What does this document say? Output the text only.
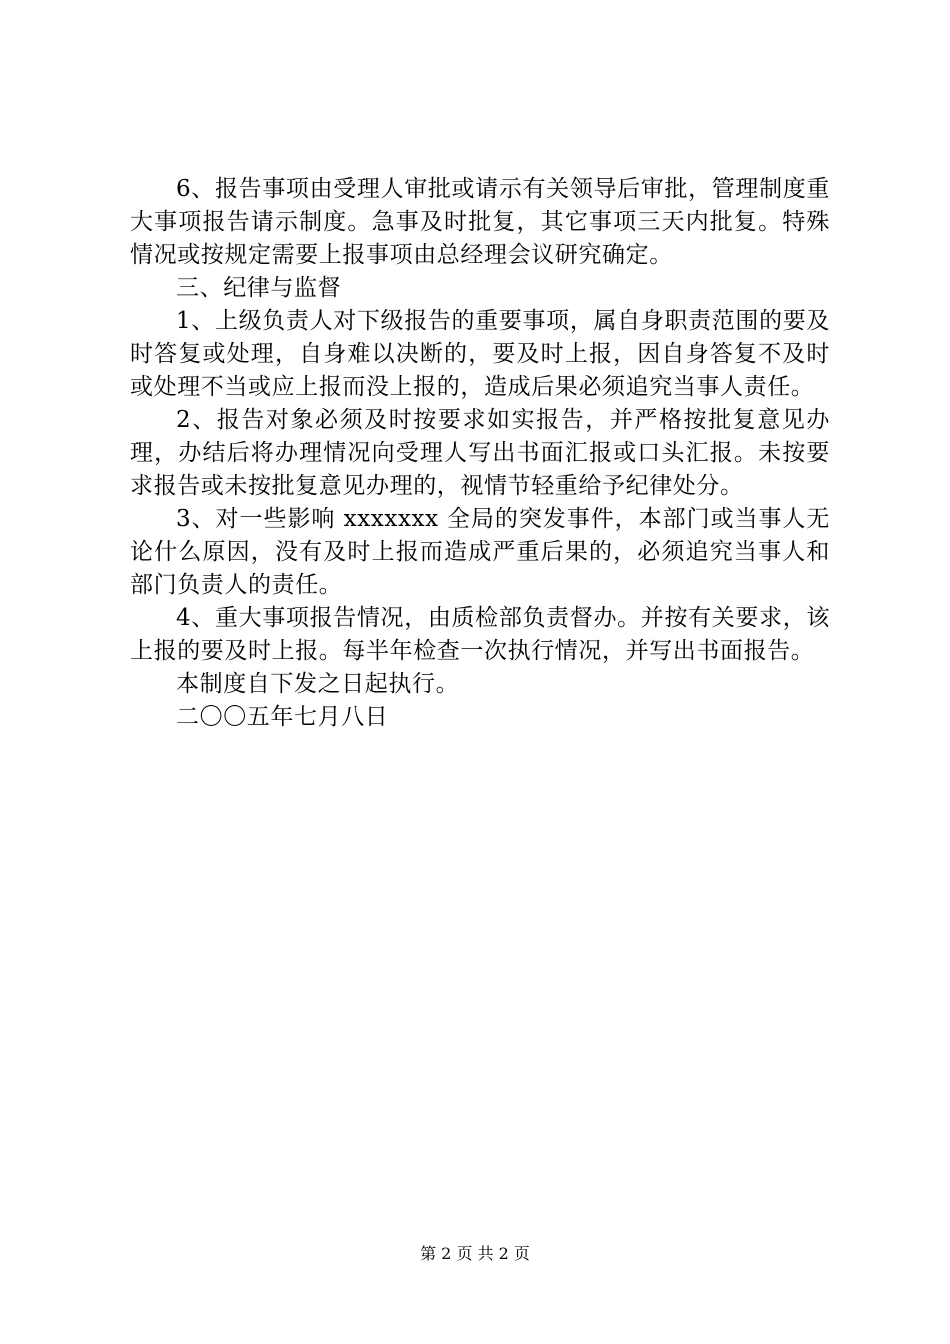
6、报告事项由受理人审批或请示有关领导后审批，管理制度重大事项报告请示制度。急事及时批复，其它事项三天内批复。特殊情况或按规定需要上报事项由总经理会议研究确定。

三、纪律与监督

1、上级负责人对下级报告的重要事项，属自身职责范围的要及时答复或处理，自身难以决断的，要及时上报，因自身答复不及时或处理不当或应上报而没上报的，造成后果必须追究当事人责任。

2、报告对象必须及时按要求如实报告，并严格按批复意见办理，办结后将办理情况向受理人写出书面汇报或口头汇报。未按要求报告或未按批复意见办理的，视情节轻重给予纪律处分。

3、对一些影响 xxxxxxx 全局的突发事件，本部门或当事人无论什么原因，没有及时上报而造成严重后果的，必须追究当事人和部门负责人的责任。

4、重大事项报告情况，由质检部负责督办。并按有关要求，该上报的要及时上报。每半年检查一次执行情况，并写出书面报告。

本制度自下发之日起执行。

二〇〇五年七月八日

第 2 页 共 2 页
